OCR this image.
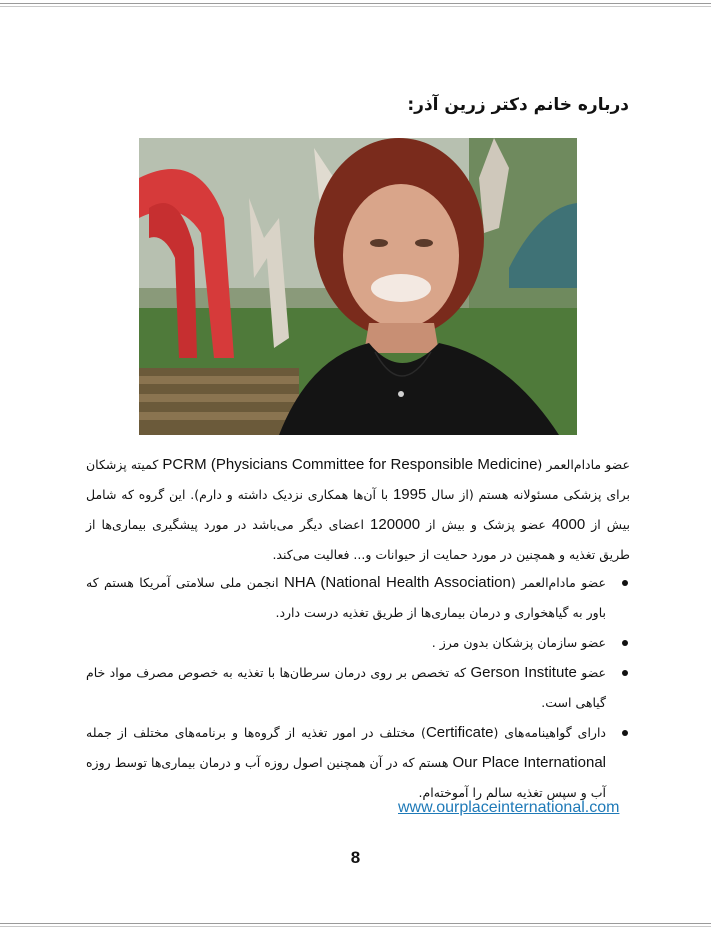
درباره خانم دکتر زرین آذر:
عضو مادام‌العمر (PCRM (Physicians Committee for Responsible Medicine کمیته پزشکان برای پزشکی مسئولانه هستم (از سال 1995 با آن‌ها همکاری نزدیک داشته و دارم). این گروه که شامل بیش از 4000 عضو پزشک و بیش از 120000 اعضای دیگر می‌باشد در مورد پیشگیری بیماری‌ها از طریق تغذیه و همچنین در مورد حمایت از حیوانات و... فعالیت می‌کند.
عضو مادام‌العمر (NHA (National Health Association انجمن ملی سلامتی آمریکا هستم که باور به گیاهخواری و درمان بیماری‌ها از طریق تغذیه درست دارد.
عضو سازمان پزشکان بدون مرز .
عضو Gerson Institute که تخصص بر روی درمان سرطان‌ها با تغذیه به خصوص مصرف مواد خام گیاهی است.
دارای گواهینامه‌های (Certificate) مختلف در امور تغذیه از گروه‌ها و برنامه‌های مختلف از جمله Our Place International هستم که در آن همچنین اصول روزه آب و درمان بیماری‌ها توسط روزه آب و سپس تغذیه سالم را آموخته‌ام.
www.ourplaceinternational.com
8
